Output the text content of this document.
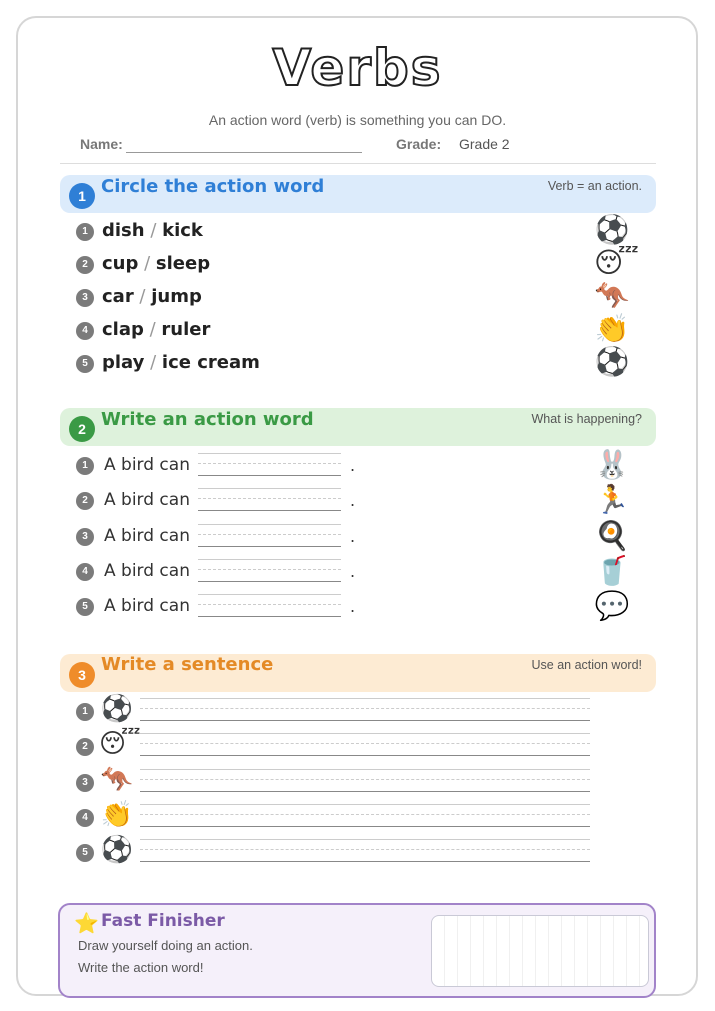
Verbs
An action word (verb) is something you can DO.
Name:	Grade: Grade 2
1 Circle the action word	Verb = an action.
1 dish / kick	⚽
2 cup / sleep	😴
3 car / jump	🦘
4 clap / ruler	👏
5 play / ice cream	⚽
2 Write an action word	What is happening?
1 A bird can	.	🐰
2 A bird can	.	🏃
3 A bird can	.	🍳
4 A bird can	.	🥤
5 A bird can	.	💬
3 Write a sentence	Use an action word!
1 ⚽
2 😴
3 🦘
4 👏
5 ⚽
⭐ Fast Finisher
Draw yourself doing an action.
Write the action word!
